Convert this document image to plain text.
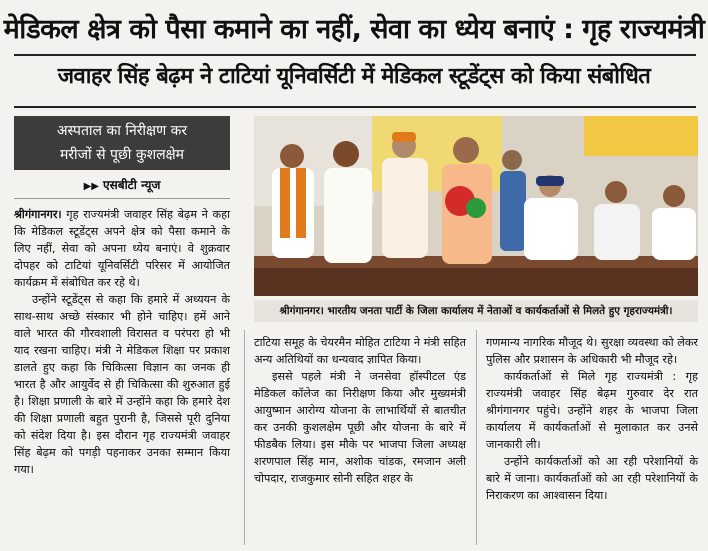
मेडिकल क्षेत्र को पैसा कमाने का नहीं, सेवा का ध्येय बनाएं : गृह राज्यमंत्री
जवाहर सिंह बेढ़म ने टाटियां यूनिवर्सिटी में मेडिकल स्टूडेंट्स को किया संबोधित
अस्पताल का निरीक्षण कर
मरीजों से पूछी कुशलक्षेम
▶▶ एसबीटी न्यूज

श्रीगंगानगर। गृह राज्यमंत्री जवाहर सिंह बेढ़म ने कहा कि मेडिकल स्टूडेंट्स अपने क्षेत्र को पैसा कमाने के लिए नहीं, सेवा को अपना ध्येय बनाएं। वे शुक्रवार दोपहर को टाटियां यूनिवर्सिटी परिसर में आयोजित कार्यक्रम में संबोधित कर रहे थे।

उन्होंने स्टूडेंट्स से कहा कि हमारे में अध्ययन के साथ-साथ अच्छे संस्कार भी होने चाहिए। हमें आने वाले भारत की गौरवशाली विरासत व परंपरा हो भी याद रखना चाहिए। मंत्री ने मेडिकल शिक्षा पर प्रकाश डालते हुए कहा कि चिकित्सा विज्ञान का जनक ही भारत है और आयुर्वेद से ही चिकित्सा की शुरुआत हुई है। शिक्षा प्रणाली के बारे में उन्होंने कहा कि हमारे देश की शिक्षा प्रणाली बहुत पुरानी है, जिससे पूरी दुनिया को संदेश दिया है। इस दौरान गृह राज्यमंत्री जवाहर सिंह बेढ़म को पगड़ी पहनाकर उनका सम्मान किया गया।

श्रीगंगानगर। भारतीय जनता पार्टी के जिला कार्यालय में नेताओं व कार्यकर्ताओं से मिलते हुए गृहराज्यमंत्री।

टाटिया समूह के चेयरमैन मोहित टाटिया ने मंत्री सहित अन्य अतिथियों का धन्यवाद ज्ञापित किया।

इससे पहले मंत्री ने जनसेवा हॉस्पीटल एंड मेडिकल कॉलेज का निरीक्षण किया और मुख्यमंत्री आयुष्मान आरोग्य योजना के लाभार्थियों से बातचीत कर उनकी कुशलक्षेम पूछी और योजना के बारे में फीडबैक लिया। इस मौके पर भाजपा जिला अध्यक्ष शरणपाल सिंह मान, अशोक चांडक, रमजान अली चोपदार, राजकुमार सोनी सहित शहर के

गणमान्य नागरिक मौजूद थे। सुरक्षा व्यवस्था को लेकर पुलिस और प्रशासन के अधिकारी भी मौजूद रहे।

कार्यकर्ताओं से मिले गृह राज्यमंत्री : गृह राज्यमंत्री जवाहर सिंह बेढ़म गुरुवार देर रात श्रीगंगानगर पहुंचे। उन्होंने शहर के भाजपा जिला कार्यालय में कार्यकर्ताओं से मुलाकात कर उनसे जानकारी ली।

उन्होंने कार्यकर्ताओं को आ रही परेशानियों के बारे में जाना। कार्यकर्ताओं को आ रही परेशानियों के निराकरण का आश्वासन दिया।
